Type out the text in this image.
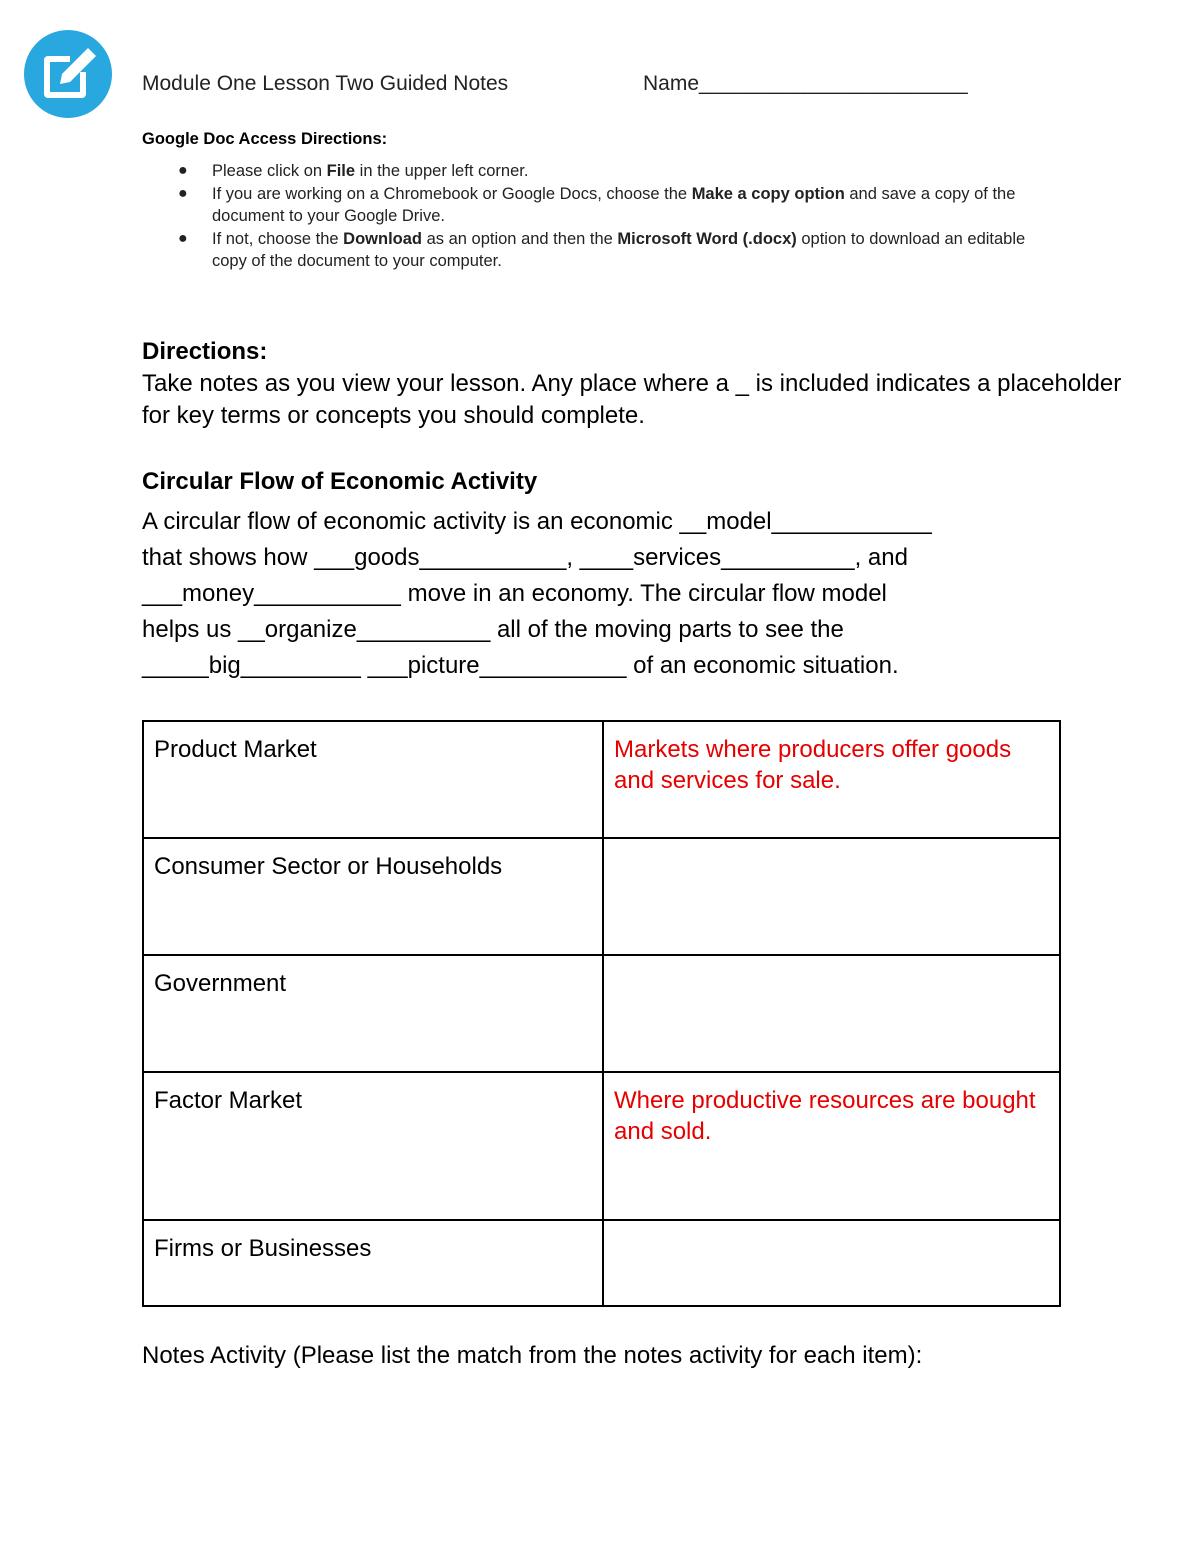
Module One Lesson Two Guided Notes	Name_______________________
Google Doc Access Directions:
● Please click on File in the upper left corner.
● If you are working on a Chromebook or Google Docs, choose the Make a copy option and save a copy of the document to your Google Drive.
● If not, choose the Download as an option and then the Microsoft Word (.docx) option to download an editable copy of the document to your computer.
Directions:
Take notes as you view your lesson. Any place where a _ is included indicates a placeholder for key terms or concepts you should complete.
Circular Flow of Economic Activity
A circular flow of economic activity is an economic __model____________
that shows how ___goods___________, ____services__________, and
___money___________ move in an economy. The circular flow model
helps us __organize__________ all of the moving parts to see the
_____big_________ ___picture___________ of an economic situation.
Product Market	Markets where producers offer goods and services for sale.
Consumer Sector or Households	
Government	
Factor Market	Where productive resources are bought and sold.
Firms or Businesses	
Notes Activity (Please list the match from the notes activity for each item):
